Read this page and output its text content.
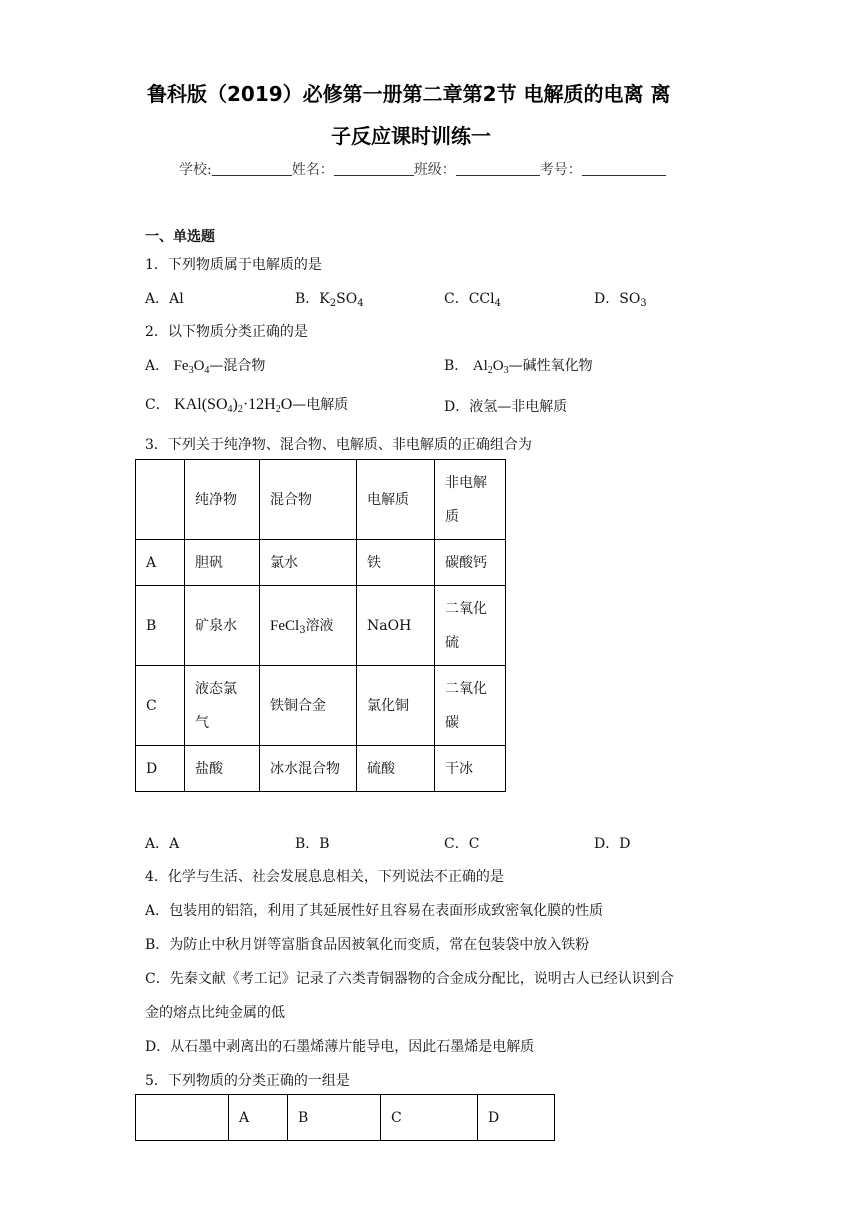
鲁科版（2019）必修第一册第二章第2节 电解质的电离 离
子反应课时训练一
学校:	姓名：	班级：	考号：
一、单选题
1．下列物质属于电解质的是
A．Al	B．$K_2SO_4$	C．CCl$_4$	D．$SO_3$
2．以下物质分类正确的是
A． $Fe_3O_4—$混合物	B． $Al_2O_3—$碱性氧化物
C． $KAl(SO_4)_2\cdot 12H_2O—$电解质	D．液氢—非电解质
3．下列关于纯净物、混合物、电解质、非电解质的正确组合为
	纯净物	混合物	电解质	非电解质

A	胆矾	氯水	铁	碳酸钙
B	矿泉水	FeCl$_3$溶液	NaOH	二氧化硫

C	液态氯气	铁铜合金	氯化铜	二氧化碳

D	盐酸	冰水混合物	硫酸	干冰
A．A	B．B	C．C	D．D
4．化学与生活、社会发展息息相关，下列说法不正确的是
A．包装用的铝箔，利用了其延展性好且容易在表面形成致密氧化膜的性质
B．为防止中秋月饼等富脂食品因被氧化而变质，常在包装袋中放入铁粉
C．先秦文献《考工记》记录了六类青铜器物的合金成分配比，说明古人已经认识到合
金的熔点比纯金属的低
D．从石墨中剥离出的石墨烯薄片能导电，因此石墨烯是电解质
5．下列物质的分类正确的一组是
	A	B	C	D
